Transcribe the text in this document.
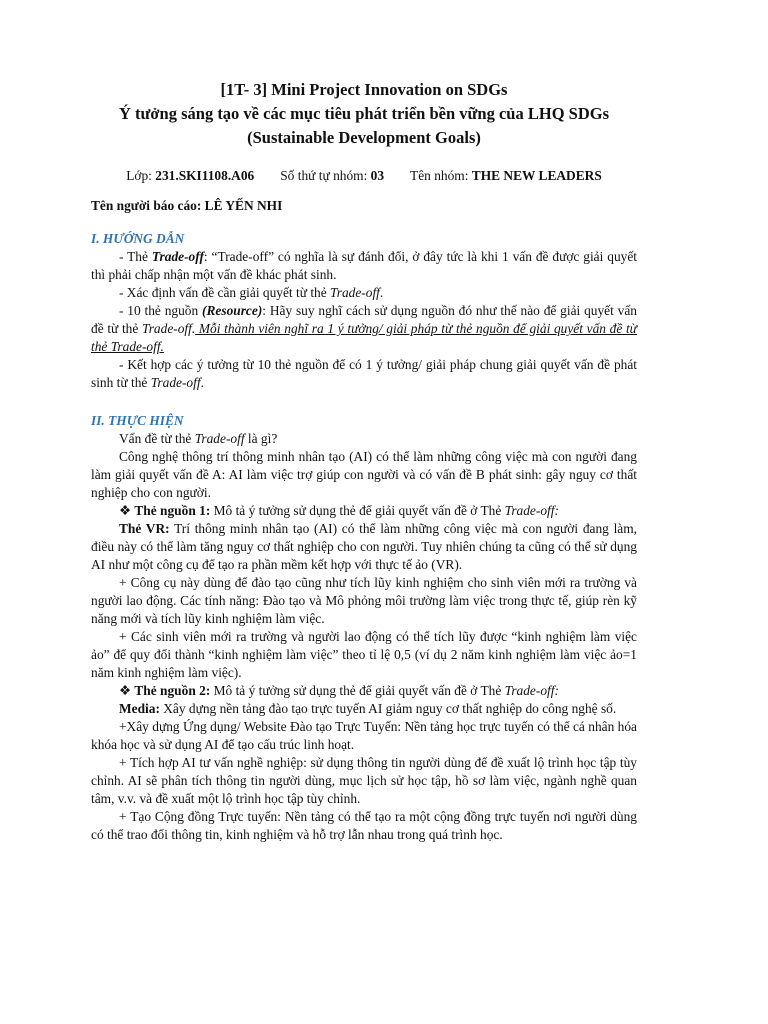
[1T- 3] Mini Project Innovation on SDGs
Ý tưởng sáng tạo về các mục tiêu phát triển bền vững của LHQ SDGs
(Sustainable Development Goals)
Lớp: 231.SKI1108.A06 Số thứ tự nhóm: 03 Tên nhóm: THE NEW LEADERS
Tên người báo cáo: LÊ YẾN NHI
I. HƯỚNG DẪN

- Thẻ Trade-off: “Trade-off” có nghĩa là sự đánh đổi, ở đây tức là khi 1 vấn đề được giải quyết thì phải chấp nhận một vấn đề khác phát sinh.

- Xác định vấn đề cần giải quyết từ thẻ Trade-off.

- 10 thẻ nguồn (Resource): Hãy suy nghĩ cách sử dụng nguồn đó như thế nào để giải quyết vấn đề từ thẻ Trade-off. Mỗi thành viên nghĩ ra 1 ý tưởng/ giải pháp từ thẻ nguồn để giải quyết vấn đề từ thẻ Trade-off.

- Kết hợp các ý tưởng từ 10 thẻ nguồn để có 1 ý tưởng/ giải pháp chung giải quyết vấn đề phát sinh từ thẻ Trade-off.

II. THỰC HIỆN

Vấn đề từ thẻ Trade-off là gì?

Công nghệ thông trí thông minh nhân tạo (AI) có thể làm những công việc mà con người đang làm giải quyết vấn đề A: AI làm việc trợ giúp con người và có vấn đề B phát sinh: gây nguy cơ thất nghiệp cho con người.

❖ Thẻ nguồn 1: Mô tả ý tưởng sử dụng thẻ để giải quyết vấn đề ở Thẻ Trade-off:

Thẻ VR: Trí thông minh nhân tạo (AI) có thể làm những công việc mà con người đang làm, điều này có thể làm tăng nguy cơ thất nghiệp cho con người. Tuy nhiên chúng ta cũng có thể sử dụng AI như một công cụ để tạo ra phần mềm kết hợp với thực tế ảo (VR).

+ Công cụ này dùng để đào tạo cũng như tích lũy kinh nghiệm cho sinh viên mới ra trường và người lao động. Các tính năng: Đào tạo và Mô phỏng môi trường làm việc trong thực tế, giúp rèn kỹ năng mới và tích lũy kinh nghiệm làm việc.

+ Các sinh viên mới ra trường và người lao động có thể tích lũy được “kinh nghiệm làm việc ảo” để quy đổi thành “kinh nghiệm làm việc” theo tỉ lệ 0,5 (ví dụ 2 năm kinh nghiệm làm việc ảo=1 năm kinh nghiệm làm việc).

❖ Thẻ nguồn 2: Mô tả ý tưởng sử dụng thẻ để giải quyết vấn đề ở Thẻ Trade-off:

Media: Xây dựng nền tảng đào tạo trực tuyến AI giảm nguy cơ thất nghiệp do công nghệ số.

+Xây dựng Ứng dụng/ Website Đào tạo Trực Tuyến: Nền tảng học trực tuyến có thể cá nhân hóa khóa học và sử dụng AI để tạo cấu trúc linh hoạt.

+ Tích hợp AI tư vấn nghề nghiệp: sử dụng thông tin người dùng để đề xuất lộ trình học tập tùy chỉnh. AI sẽ phân tích thông tin người dùng, mục lịch sử học tập, hồ sơ làm việc, ngành nghề quan tâm, v.v. và đề xuất một lộ trình học tập tùy chỉnh.

+ Tạo Cộng đồng Trực tuyến: Nền tảng có thể tạo ra một cộng đồng trực tuyến nơi người dùng có thể trao đổi thông tin, kinh nghiệm và hỗ trợ lẫn nhau trong quá trình học.
